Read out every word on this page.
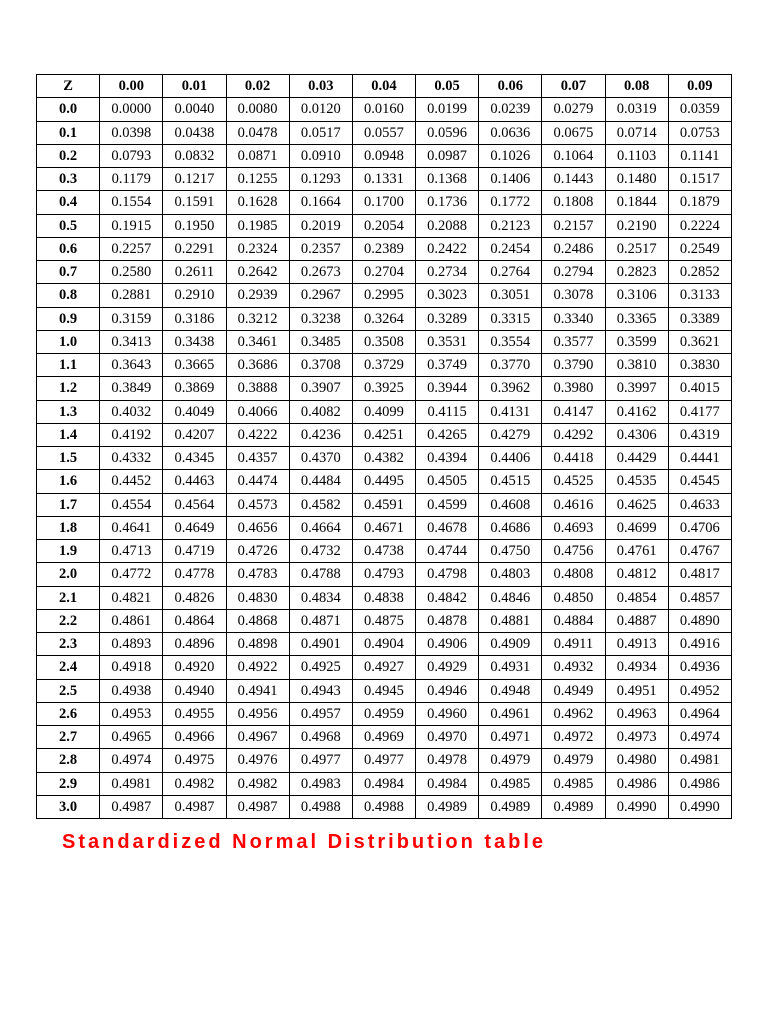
Z	0.00	0.01	0.02	0.03	0.04	0.05	0.06	0.07	0.08	0.09
0.0	0.0000	0.0040	0.0080	0.0120	0.0160	0.0199	0.0239	0.0279	0.0319	0.0359
0.1	0.0398	0.0438	0.0478	0.0517	0.0557	0.0596	0.0636	0.0675	0.0714	0.0753
0.2	0.0793	0.0832	0.0871	0.0910	0.0948	0.0987	0.1026	0.1064	0.1103	0.1141
0.3	0.1179	0.1217	0.1255	0.1293	0.1331	0.1368	0.1406	0.1443	0.1480	0.1517
0.4	0.1554	0.1591	0.1628	0.1664	0.1700	0.1736	0.1772	0.1808	0.1844	0.1879
0.5	0.1915	0.1950	0.1985	0.2019	0.2054	0.2088	0.2123	0.2157	0.2190	0.2224
0.6	0.2257	0.2291	0.2324	0.2357	0.2389	0.2422	0.2454	0.2486	0.2517	0.2549
0.7	0.2580	0.2611	0.2642	0.2673	0.2704	0.2734	0.2764	0.2794	0.2823	0.2852
0.8	0.2881	0.2910	0.2939	0.2967	0.2995	0.3023	0.3051	0.3078	0.3106	0.3133
0.9	0.3159	0.3186	0.3212	0.3238	0.3264	0.3289	0.3315	0.3340	0.3365	0.3389
1.0	0.3413	0.3438	0.3461	0.3485	0.3508	0.3531	0.3554	0.3577	0.3599	0.3621
1.1	0.3643	0.3665	0.3686	0.3708	0.3729	0.3749	0.3770	0.3790	0.3810	0.3830
1.2	0.3849	0.3869	0.3888	0.3907	0.3925	0.3944	0.3962	0.3980	0.3997	0.4015
1.3	0.4032	0.4049	0.4066	0.4082	0.4099	0.4115	0.4131	0.4147	0.4162	0.4177
1.4	0.4192	0.4207	0.4222	0.4236	0.4251	0.4265	0.4279	0.4292	0.4306	0.4319
1.5	0.4332	0.4345	0.4357	0.4370	0.4382	0.4394	0.4406	0.4418	0.4429	0.4441
1.6	0.4452	0.4463	0.4474	0.4484	0.4495	0.4505	0.4515	0.4525	0.4535	0.4545
1.7	0.4554	0.4564	0.4573	0.4582	0.4591	0.4599	0.4608	0.4616	0.4625	0.4633
1.8	0.4641	0.4649	0.4656	0.4664	0.4671	0.4678	0.4686	0.4693	0.4699	0.4706
1.9	0.4713	0.4719	0.4726	0.4732	0.4738	0.4744	0.4750	0.4756	0.4761	0.4767
2.0	0.4772	0.4778	0.4783	0.4788	0.4793	0.4798	0.4803	0.4808	0.4812	0.4817
2.1	0.4821	0.4826	0.4830	0.4834	0.4838	0.4842	0.4846	0.4850	0.4854	0.4857
2.2	0.4861	0.4864	0.4868	0.4871	0.4875	0.4878	0.4881	0.4884	0.4887	0.4890
2.3	0.4893	0.4896	0.4898	0.4901	0.4904	0.4906	0.4909	0.4911	0.4913	0.4916
2.4	0.4918	0.4920	0.4922	0.4925	0.4927	0.4929	0.4931	0.4932	0.4934	0.4936
2.5	0.4938	0.4940	0.4941	0.4943	0.4945	0.4946	0.4948	0.4949	0.4951	0.4952
2.6	0.4953	0.4955	0.4956	0.4957	0.4959	0.4960	0.4961	0.4962	0.4963	0.4964
2.7	0.4965	0.4966	0.4967	0.4968	0.4969	0.4970	0.4971	0.4972	0.4973	0.4974
2.8	0.4974	0.4975	0.4976	0.4977	0.4977	0.4978	0.4979	0.4979	0.4980	0.4981
2.9	0.4981	0.4982	0.4982	0.4983	0.4984	0.4984	0.4985	0.4985	0.4986	0.4986
3.0	0.4987	0.4987	0.4987	0.4988	0.4988	0.4989	0.4989	0.4989	0.4990	0.4990
Standardized Normal Distribution table
